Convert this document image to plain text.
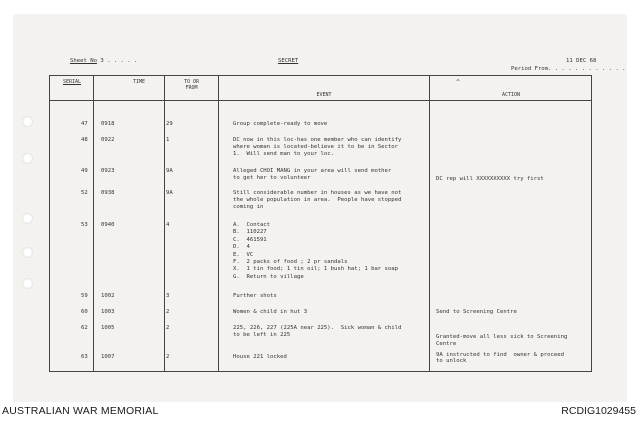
Sheet No 3 . . . . .	SECRET	11 DEC 68
Period From. . . . . . . . . . . .
SERIAL	TIME	TO OR
FROM
EVENT	ACTION
^
47 0918	29	Group complete-ready to move
48 0922	1	DC now in this loc-has one member who can identify
where woman is located-believe it to be in Sector
1.  Will send man to your loc.
49 0923	9A	Alleged CHOI MANG in your area will send mother
to get her to volunteer	DC rep will XXXXXXXXXX try first
52 0938	9A	Still considerable number in houses as we have not
the whole population in area.  People have stopped
coming in
53 0940	4	A.  Contact
B.  110227
C.  461591
D.  4
E.  VC
F.  2 packs of food ; 2 pr sandals
X.  1 tin food; 1 tin oil; 1 bush hat; 1 bar soap
G.  Return to village
59 1002	3	Further shots
60 1003	2	Women & child in hut 3	Send to Screening Centre
62 1005	2	225, 226, 227 (225A near 225).  Sick woman & child
to be left in 225	Granted-move all less sick to Screening
Centre
63 1007	2	House 221 locked	9A instructed to find  owner & proceed
to unlock
AUSTRALIAN WAR MEMORIAL	RCDIG1029455
